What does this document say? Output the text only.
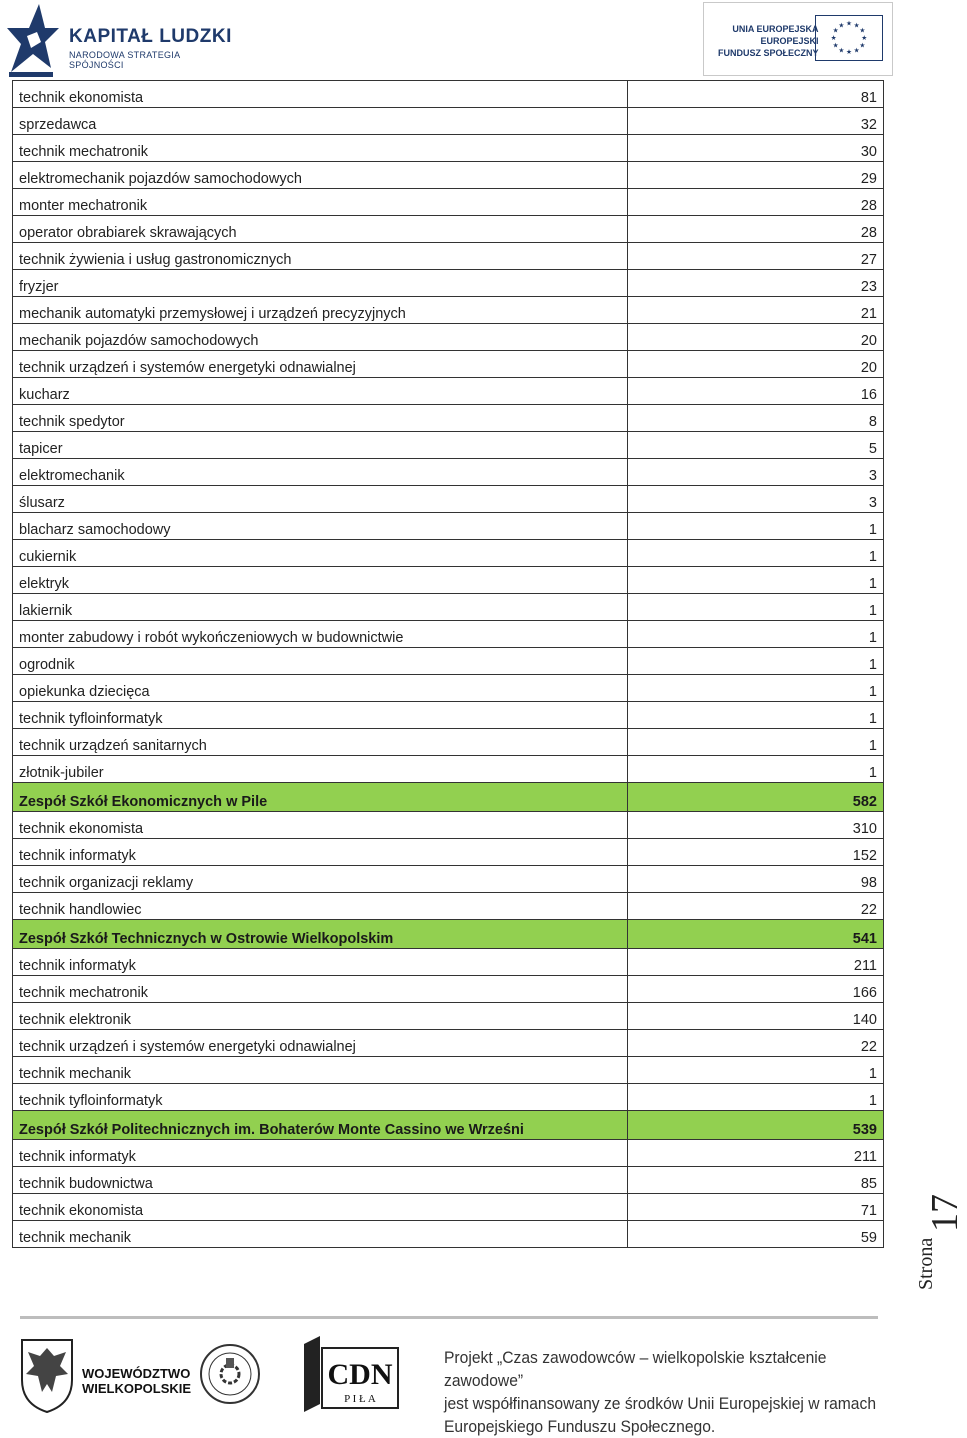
KAPITAŁ LUDZKI
NARODOWA STRATEGIA SPÓJNOŚCI
UNIA EUROPEJSKA
EUROPEJSKI
FUNDUSZ SPOŁECZNY
★ ★
★
★
★
★
★
★
★
★
★
★
technik ekonomista	81
sprzedawca	32
technik mechatronik	30
elektromechanik pojazdów samochodowych	29
monter mechatronik	28
operator obrabiarek skrawających	28
technik żywienia i usług gastronomicznych	27
fryzjer	23
mechanik automatyki przemysłowej i urządzeń precyzyjnych	21
mechanik pojazdów samochodowych	20
technik urządzeń i systemów energetyki odnawialnej	20
kucharz	16
technik spedytor	8
tapicer	5
elektromechanik	3
ślusarz	3
blacharz samochodowy	1
cukiernik	1
elektryk	1
lakiernik	1
monter zabudowy i robót wykończeniowych w budownictwie	1
ogrodnik	1
opiekunka dziecięca	1
technik tyfloinformatyk	1
technik urządzeń sanitarnych	1
złotnik-jubiler	1
Zespół Szkół Ekonomicznych w Pile	582
technik ekonomista	310
technik informatyk	152
technik organizacji reklamy	98
technik handlowiec	22
Zespół Szkół Technicznych w Ostrowie Wielkopolskim	541
technik informatyk	211
technik mechatronik	166
technik elektronik	140
technik urządzeń i systemów energetyki odnawialnej	22
technik mechanik	1
technik tyfloinformatyk	1
Zespół Szkół Politechnicznych im. Bohaterów Monte Cassino we Wrześni	539
technik informatyk	211
technik budownictwa	85
technik ekonomista	71
technik mechanik	59 Strona
17
WOJEWÓDZTWO
WIELKOPOLSKIE	CDN
P I Ł A
Projekt „Czas zawodowców – wielkopolskie kształcenie zawodowe”
jest współfinansowany ze środków Unii Europejskiej w ramach
Europejskiego Funduszu Społecznego.
